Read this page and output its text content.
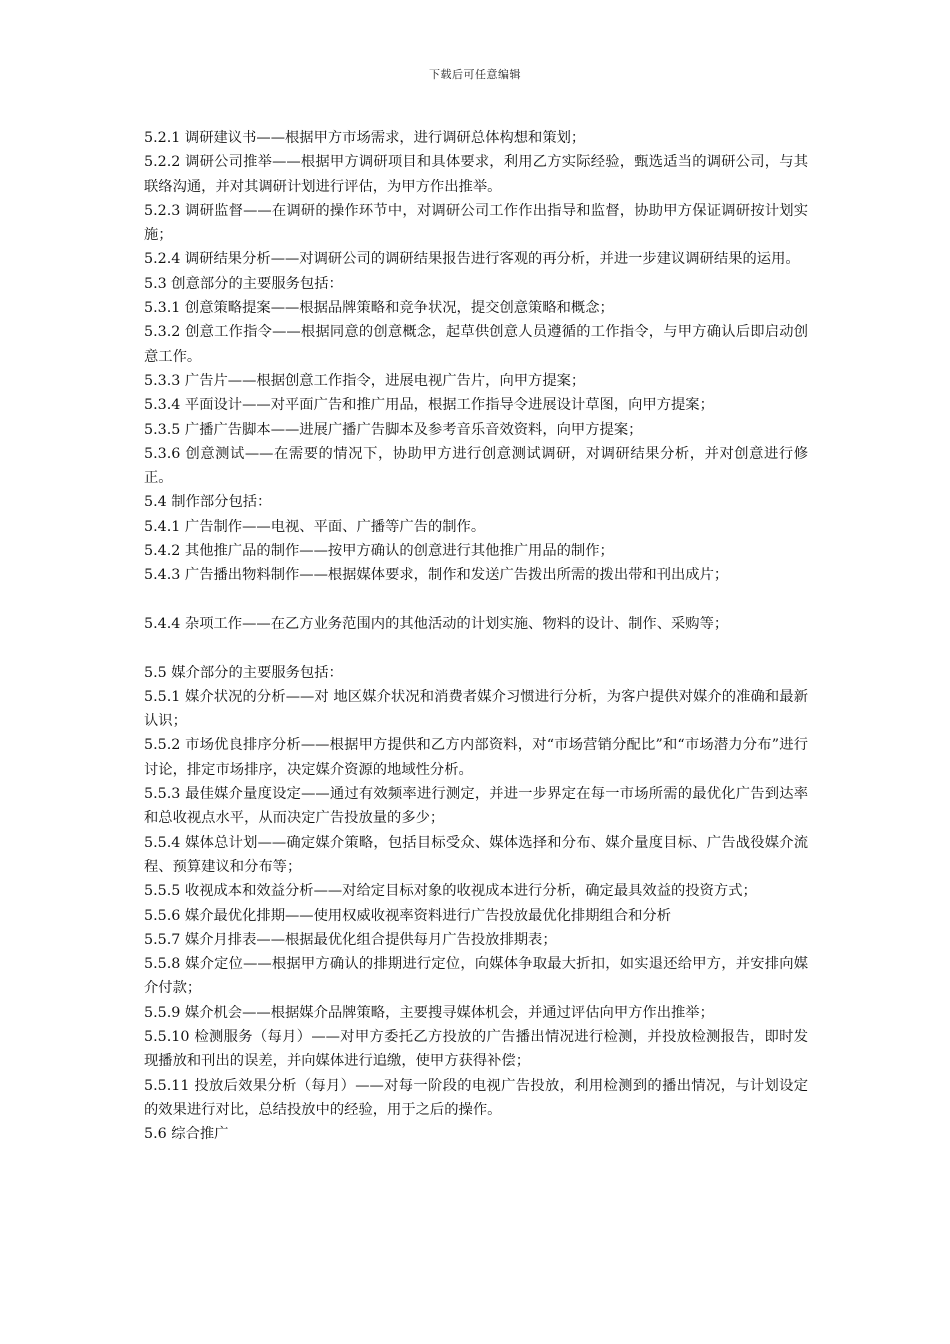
下载后可任意编辑

5.2.1 调研建议书——根据甲方市场需求，进行调研总体构想和策划；

5.2.2 调研公司推举——根据甲方调研项目和具体要求，利用乙方实际经验，甄选适当的调研公司，与其联络沟通，并对其调研计划进行评估，为甲方作出推举。

5.2.3 调研监督——在调研的操作环节中，对调研公司工作作出指导和监督，协助甲方保证调研按计划实施；

5.2.4 调研结果分析——对调研公司的调研结果报告进行客观的再分析，并进一步建议调研结果的运用。

5.3 创意部分的主要服务包括：

5.3.1 创意策略提案——根据品牌策略和竞争状况，提交创意策略和概念；

5.3.2 创意工作指令——根据同意的创意概念，起草供创意人员遵循的工作指令，与甲方确认后即启动创意工作。

5.3.3 广告片——根据创意工作指令，进展电视广告片，向甲方提案；

5.3.4 平面设计——对平面广告和推广用品，根据工作指导令进展设计草图，向甲方提案；

5.3.5 广播广告脚本——进展广播广告脚本及参考音乐音效资料，向甲方提案；

5.3.6 创意测试——在需要的情况下，协助甲方进行创意测试调研，对调研结果分析，并对创意进行修正。

5.4 制作部分包括：

5.4.1 广告制作——电视、平面、广播等广告的制作。

5.4.2 其他推广品的制作——按甲方确认的创意进行其他推广用品的制作；

5.4.3 广告播出物料制作——根据媒体要求，制作和发送广告拨出所需的拨出带和刊出成片；

5.4.4 杂项工作——在乙方业务范围内的其他活动的计划实施、物料的设计、制作、采购等；

5.5 媒介部分的主要服务包括：

5.5.1 媒介状况的分析——对 地区媒介状况和消费者媒介习惯进行分析，为客户提供对媒介的准确和最新认识；

5.5.2 市场优良排序分析——根据甲方提供和乙方内部资料，对“市场营销分配比”和“市场潜力分布”进行讨论，排定市场排序，决定媒介资源的地域性分析。

5.5.3 最佳媒介量度设定——通过有效频率进行测定，并进一步界定在每一市场所需的最优化广告到达率和总收视点水平，从而决定广告投放量的多少；

5.5.4 媒体总计划——确定媒介策略，包括目标受众、媒体选择和分布、媒介量度目标、广告战役媒介流程、预算建议和分布等；

5.5.5 收视成本和效益分析——对给定目标对象的收视成本进行分析，确定最具效益的投资方式；

5.5.6 媒介最优化排期——使用权威收视率资料进行广告投放最优化排期组合和分析

5.5.7 媒介月排表——根据最优化组合提供每月广告投放排期表；

5.5.8 媒介定位——根据甲方确认的排期进行定位，向媒体争取最大折扣，如实退还给甲方，并安排向媒介付款；

5.5.9 媒介机会——根据媒介品牌策略，主要搜寻媒体机会，并通过评估向甲方作出推举；

5.5.10 检测服务（每月）——对甲方委托乙方投放的广告播出情况进行检测，并投放检测报告，即时发现播放和刊出的误差，并向媒体进行追缴，使甲方获得补偿；

5.5.11 投放后效果分析（每月）——对每一阶段的电视广告投放，利用检测到的播出情况，与计划设定的效果进行对比，总结投放中的经验，用于之后的操作。

5.6 综合推广
